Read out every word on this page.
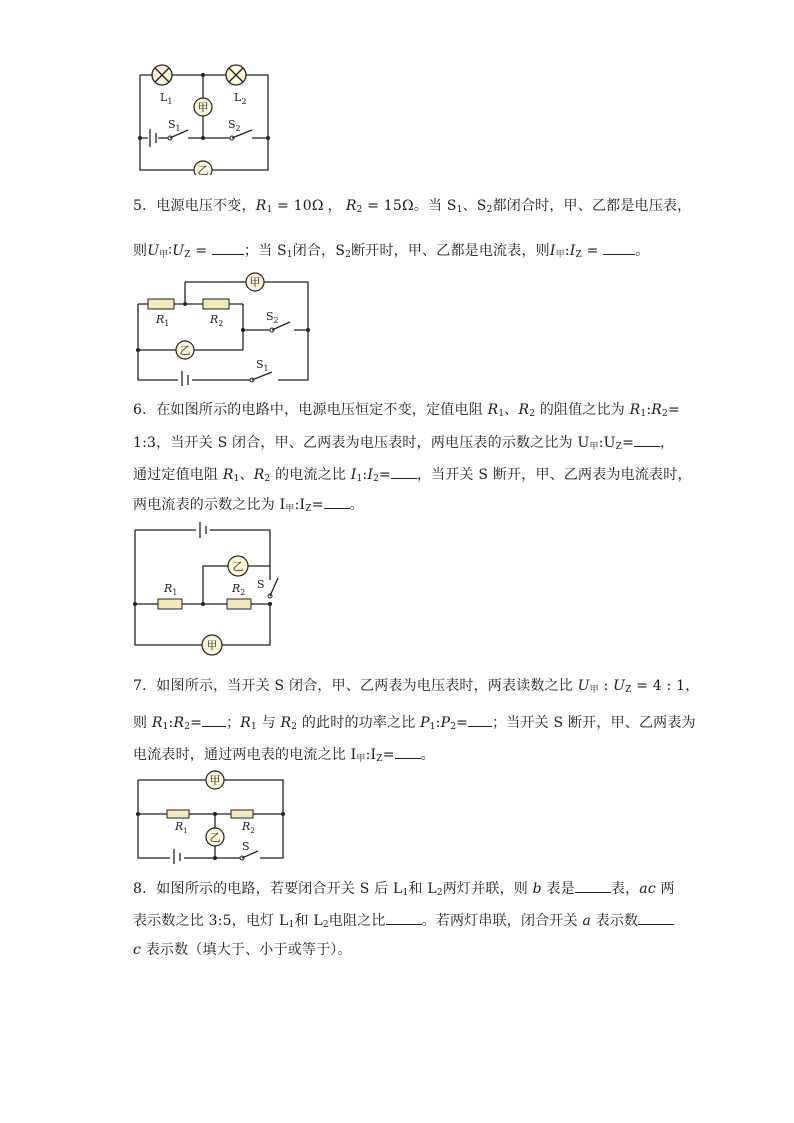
甲
乙
$L_1$	$L_2$
$S_1$	$S_2$
5．电源电压不变，$R_1 = 10\Omega$ ， $R_2 = 15\Omega$。当 $S_1$、$S_2$都闭合时，甲、乙都是电压表，
则$U_甲∶U_Z$ = ；当 $S_1$闭合，$S_2$断开时，甲、乙都是电流表，则$I_甲:I_Z$ = 。
甲
乙
$R_1$	$R_2$
$S_2$
$S_1$
6．在如图所示的电路中，电源电压恒定不变，定值电阻 $R_1$、$R_2$ 的阻值之比为 $R_1:R_2=$
1:3，当开关 S 闭合，甲、乙两表为电压表时，两电压表的示数之比为 $U_甲:U_Z=$ ，
通过定值电阻 $R_1$、$R_2$ 的电流之比 $I_1:I_2=$ ，当开关 S 断开，甲、乙两表为电流表时，
两电流表的示数之比为 $I_甲:I_Z=$ 。
乙
甲
$R_1$	$R_2$
S
7．如图所示，当开关 S 闭合，甲、乙两表为电压表时，两表读数之比 $U_甲$ : $U_Z = 4$ : 1，
则 $R_1:R_2=$ ；$R_1$ 与 $R_2$ 的此时的功率之比 $P_1:P_2=$ ；当开关 S 断开，甲、乙两表为
电流表时，通过两电表的电流之比 $I_甲:I_Z=$ 。
甲
乙
$R_1$	$R_2$
S
8．如图所示的电路，若要闭合开关 S 后 $L_1$和 $L_2$两灯并联，则 b 表是	表，ac 两
表示数之比 3:5，电灯 $L_1$和 $L_2$电阻之比	。若两灯串联，闭合开关 a 表示数
c 表示数（填大于、小于或等于）。
